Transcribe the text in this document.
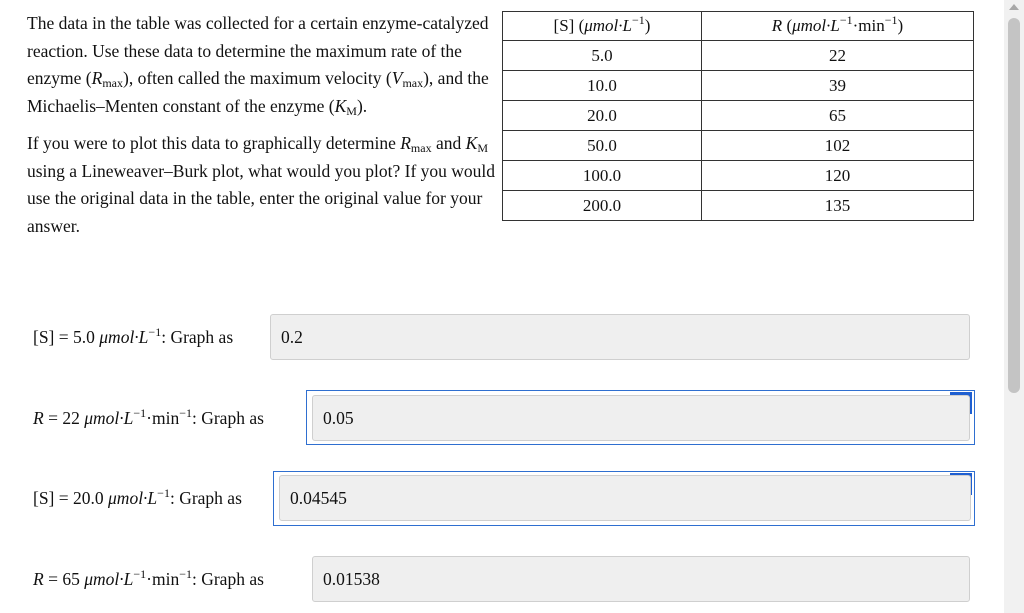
The data in the table was collected for a certain enzyme-catalyzed reaction. Use these data to determine the maximum rate of the enzyme $(R_{max})$, often called the maximum velocity $(V_{max})$, and the Michaelis–Menten constant of the enzyme $(K_M)$.

If you were to plot this data to graphically determine $R_{max}$ and $K_M$ using a Lineweaver–Burk plot, what would you plot? If you would use the original data in the table, enter the original value for your answer.

[S] $(\mu mol\cdot L^{-1})$	R $(\mu mol\cdot L^{-1}\cdot\min^{-1})$
5.0	22
10.0	39
20.0	65
50.0	102
100.0	120
200.0	135
[S] = 5.0 $\mu mol\cdot L^{-1}$: Graph as	0.2
R = 22 $\mu mol\cdot L^{-1}\cdot\min^{-1}$: Graph as	0.05
[S] = 20.0 $\mu mol\cdot L^{-1}$: Graph as	0.04545
R = 65 $\mu mol\cdot L^{-1}\cdot\min^{-1}$: Graph as	0.01538
